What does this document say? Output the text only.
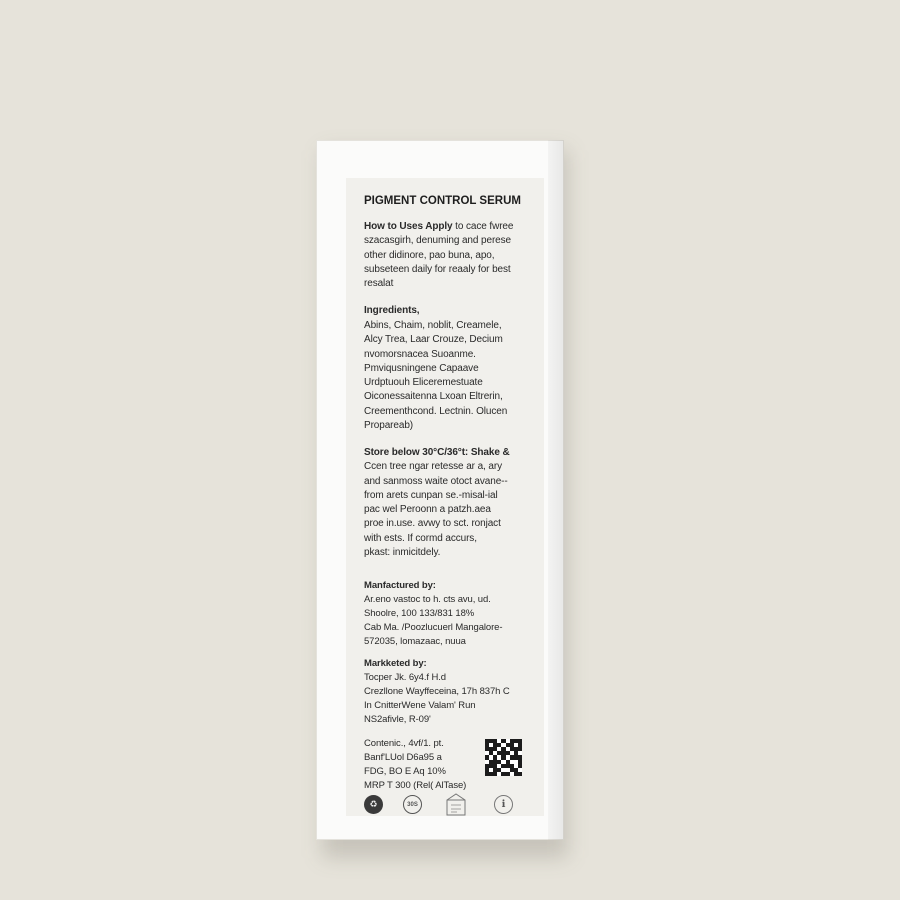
PIGMENT CONTROL SERUM
How to Uses Apply to cace fwree
szacasgirh, denuming and perese
other didinore, pao buna, apo,
subseteen daily for reaaly for best
resalat
Ingredients,
Abins, Chaim, noblit, Creamele,
Alcy Trea, Laar Crouze, Decium
nvomorsnacea Suoanme.
Pmviqusningene Capaave
Urdptuouh Eliceremestuate
Oiconessaitenna Lxoan Eltrerin,
Creementhcond. Lectnin. Olucen
Propareab)
Store below 30°C/36°t: Shake &
Ccen tree ngar retesse ar a, ary
and sanmoss waite otoct avane--
from arets cunpan se.-misal-ial
pac wel Peroonn a patzh.aea
proe in.use. avwy to sct. ronjact
with ests. If cormd accurs,
pkast: inmicitdely.
Manfactured by:
Ar.eno vastoc to h. cts avu, ud.
Shoolre, 100 133/831 18%
Cab Ma. /Poozlucuerl Mangalore-
572035, lomazaac, nuua
Markketed by:
Tocper Jk. 6y4.f H.d
Crezllone Wayffeceina, 17h 837h C
In CnitterWene Valam' Run
NS2afivle, R-09'
Contenic., 4vf/1. pt.
Banf'LUol D6a95 a
FDG, BO E Aq 10%
MRP T 300 (Rel( AlTase)
♻	30S	ℹ
